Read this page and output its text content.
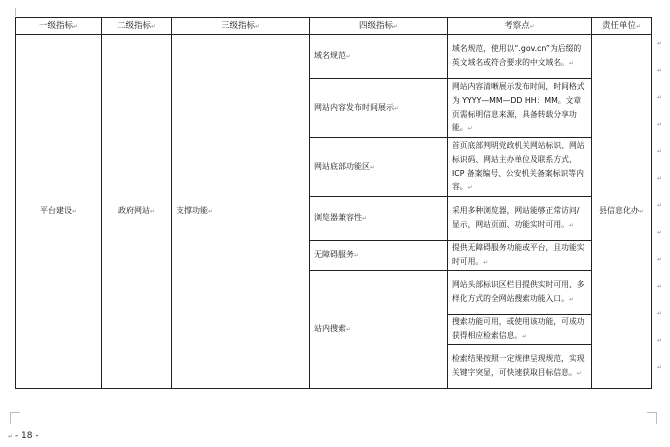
一级指标↵	二级指标↵	三级指标↵	四级指标↵	考察点↵	责任单位↵
平台建设↵	政府网站↵	支撑功能↵	域名规范↵	域名规范，使用以“.gov.cn”为后缀的英文域名或符合要求的中文域名。↵	县信息化办↵
			网站内容发布时间展示↵	网站内容清晰展示发布时间，时间格式为 YYYY—MM—DD HH：MM。文章页需标明信息来源，具备转载分享功能。↵	
			网站底部功能区↵	首页底部判明党政机关网站标识、网站标识码、网站主办单位及联系方式、ICP 备案编号、公安机关备案标识等内容。↵	
			浏览器兼容性↵	采用多种浏览器，网站能够正常访问/显示，网站页面、功能实时可用。↵	
			无障碍服务↵	提供无障碍服务功能或平台，且功能实时可用。↵	
			站内搜索↵	网站头部标识区栏目提供实时可用、多样化方式的全网站搜索功能入口。↵	
				搜索功能可用，或使用该功能，可成功获得相应检索信息。↵	
				检索结果按照一定规律呈现规范，实现关键字突显，可快速获取目标信息。↵	
↵
↵
↵
↵
↵
↵
↵
↵
↵
↵
↵
↵
↵
↵ - 18 -
